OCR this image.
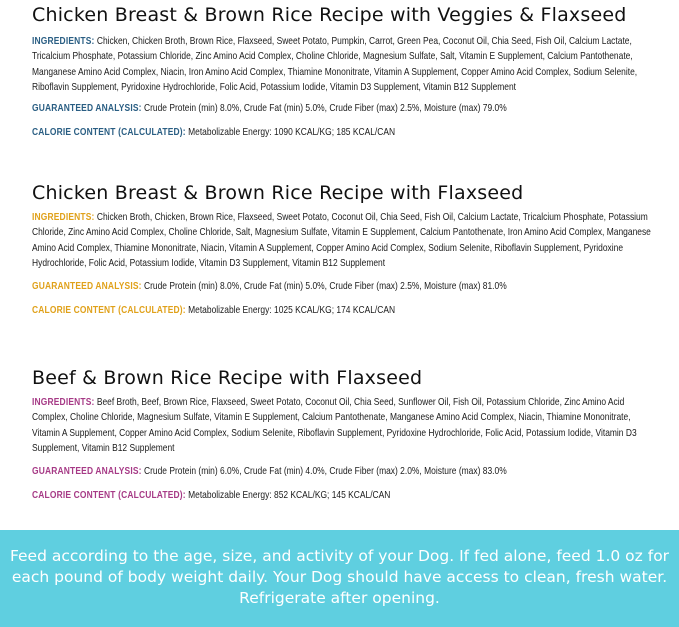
Chicken Breast & Brown Rice Recipe with Veggies & Flaxseed

INGREDIENTS: Chicken, Chicken Broth, Brown Rice, Flaxseed, Sweet Potato, Pumpkin, Carrot, Green Pea, Coconut Oil, Chia Seed, Fish Oil, Calcium Lactate, Tricalcium Phosphate, Potassium Chloride, Zinc Amino Acid Complex, Choline Chloride, Magnesium Sulfate, Salt, Vitamin E Supplement, Calcium Pantothenate, Manganese Amino Acid Complex, Niacin, Iron Amino Acid Complex, Thiamine Mononitrate, Vitamin A Supplement, Copper Amino Acid Complex, Sodium Selenite, Riboflavin Supplement, Pyridoxine Hydrochloride, Folic Acid, Potassium Iodide, Vitamin D3 Supplement, Vitamin B12 Supplement

GUARANTEED ANALYSIS: Crude Protein (min) 8.0%, Crude Fat (min) 5.0%, Crude Fiber (max) 2.5%, Moisture (max) 79.0%

CALORIE CONTENT (CALCULATED): Metabolizable Energy: 1090 KCAL/KG; 185 KCAL/CAN

Chicken Breast & Brown Rice Recipe with Flaxseed

INGREDIENTS: Chicken Broth, Chicken, Brown Rice, Flaxseed, Sweet Potato, Coconut Oil, Chia Seed, Fish Oil, Calcium Lactate, Tricalcium Phosphate, Potassium Chloride, Zinc Amino Acid Complex, Choline Chloride, Salt, Magnesium Sulfate, Vitamin E Supplement, Calcium Pantothenate, Iron Amino Acid Complex, Manganese Amino Acid Complex, Thiamine Mononitrate, Niacin, Vitamin A Supplement, Copper Amino Acid Complex, Sodium Selenite, Riboflavin Supplement, Pyridoxine Hydrochloride, Folic Acid, Potassium Iodide, Vitamin D3 Supplement, Vitamin B12 Supplement

GUARANTEED ANALYSIS: Crude Protein (min) 8.0%, Crude Fat (min) 5.0%, Crude Fiber (max) 2.5%, Moisture (max) 81.0%

CALORIE CONTENT (CALCULATED): Metabolizable Energy: 1025 KCAL/KG; 174 KCAL/CAN

Beef & Brown Rice Recipe with Flaxseed

INGREDIENTS: Beef Broth, Beef, Brown Rice, Flaxseed, Sweet Potato, Coconut Oil, Chia Seed, Sunflower Oil, Fish Oil, Potassium Chloride, Zinc Amino Acid Complex, Choline Chloride, Magnesium Sulfate, Vitamin E Supplement, Calcium Pantothenate, Manganese Amino Acid Complex, Niacin, Thiamine Mononitrate, Vitamin A Supplement, Copper Amino Acid Complex, Sodium Selenite, Riboflavin Supplement, Pyridoxine Hydrochloride, Folic Acid, Potassium Iodide, Vitamin D3 Supplement, Vitamin B12 Supplement

GUARANTEED ANALYSIS: Crude Protein (min) 6.0%, Crude Fat (min) 4.0%, Crude Fiber (max) 2.0%, Moisture (max) 83.0%

CALORIE CONTENT (CALCULATED): Metabolizable Energy: 852 KCAL/KG; 145 KCAL/CAN

Feed according to the age, size, and activity of your Dog. If fed alone, feed 1.0 oz for each pound of body weight daily. Your Dog should have access to clean, fresh water. Refrigerate after opening.
